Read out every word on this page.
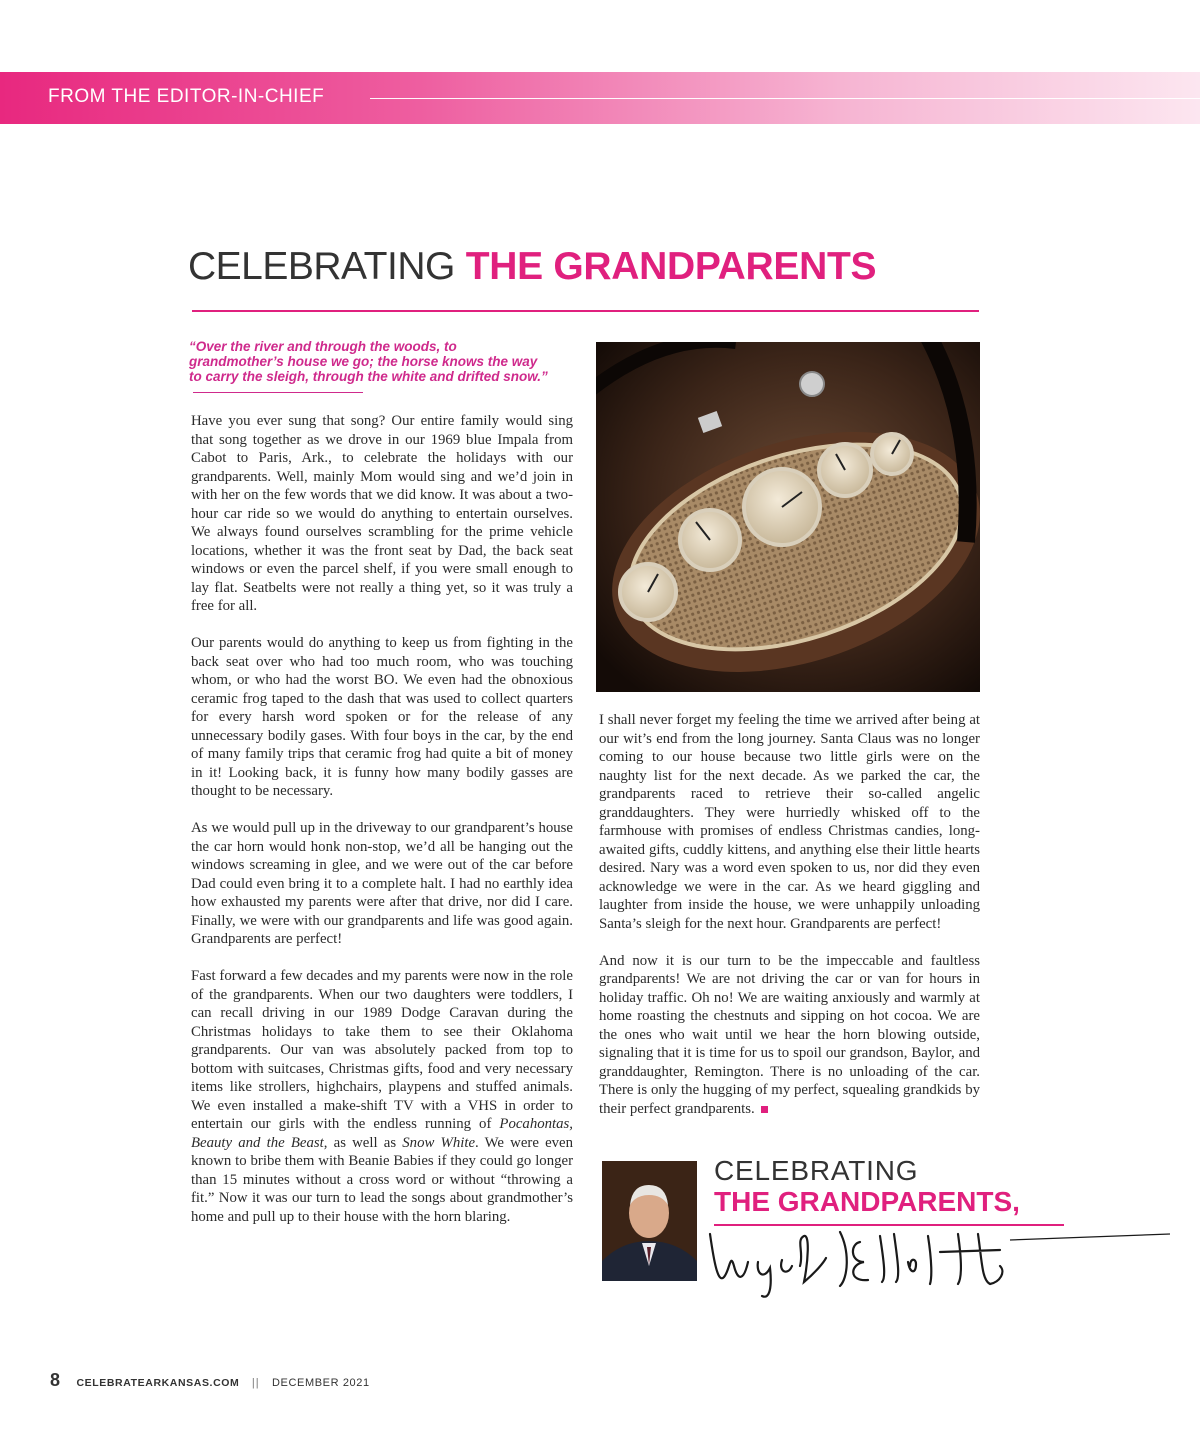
FROM THE EDITOR-IN-CHIEF
CELEBRATING THE GRANDPARENTS
“Over the river and through the woods, to grandmother’s house we go; the horse knows the way to carry the sleigh, through the white and drifted snow.”

Have you ever sung that song? Our entire family would sing that song together as we drove in our 1969 blue Impala from Cabot to Paris, Ark., to celebrate the holidays with our grandparents. Well, mainly Mom would sing and we’d join in with her on the few words that we did know. It was about a two-hour car ride so we would do anything to entertain ourselves. We always found ourselves scrambling for the prime vehicle locations, whether it was the front seat by Dad, the back seat windows or even the parcel shelf, if you were small enough to lay flat. Seatbelts were not really a thing yet, so it was truly a free for all.

Our parents would do anything to keep us from fighting in the back seat over who had too much room, who was touching whom, or who had the worst BO. We even had the obnoxious ceramic frog taped to the dash that was used to collect quarters for every harsh word spoken or for the release of any unnecessary bodily gases. With four boys in the car, by the end of many family trips that ceramic frog had quite a bit of money in it! Looking back, it is funny how many bodily gasses are thought to be necessary.

As we would pull up in the driveway to our grandparent’s house the car horn would honk non-stop, we’d all be hanging out the windows screaming in glee, and we were out of the car before Dad could even bring it to a complete halt. I had no earthly idea how exhausted my parents were after that drive, nor did I care. Finally, we were with our grandparents and life was good again. Grandparents are perfect!

Fast forward a few decades and my parents were now in the role of the grandparents. When our two daughters were toddlers, I can recall driving in our 1989 Dodge Caravan during the Christmas holidays to take them to see their Oklahoma grandparents. Our van was absolutely packed from top to bottom with suitcases, Christmas gifts, food and very necessary items like strollers, highchairs, playpens and stuffed animals. We even installed a make-shift TV with a VHS in order to entertain our girls with the endless running of Pocahontas, Beauty and the Beast, as well as Snow White. We were even known to bribe them with Beanie Babies if they could go longer than 15 minutes without a cross word or without “throwing a fit.” Now it was our turn to lead the songs about grandmother’s home and pull up to their house with the horn blaring.

I shall never forget my feeling the time we arrived after being at our wit’s end from the long journey. Santa Claus was no longer coming to our house because two little girls were on the naughty list for the next decade. As we parked the car, the grandparents raced to retrieve their so-called angelic granddaughters. They were hurriedly whisked off to the farmhouse with promises of endless Christmas candies, long-awaited gifts, cuddly kittens, and anything else their little hearts desired. Nary was a word even spoken to us, nor did they even acknowledge we were in the car. As we heard giggling and laughter from inside the house, we were unhappily unloading Santa’s sleigh for the next hour. Grandparents are perfect!

And now it is our turn to be the impeccable and faultless grandparents! We are not driving the car or van for hours in holiday traffic. Oh no! We are waiting anxiously and warmly at home roasting the chestnuts and sipping on hot cocoa. We are the ones who wait until we hear the horn blowing outside, signaling that it is time for us to spoil our grandson, Baylor, and granddaughter, Remington. There is no unloading of the car. There is only the hugging of my perfect, squealing grandkids by their perfect grandparents.

CELEBRATING
THE GRANDPARENTS,
8 CELEBRATEARKANSAS.COM || DECEMBER 2021
